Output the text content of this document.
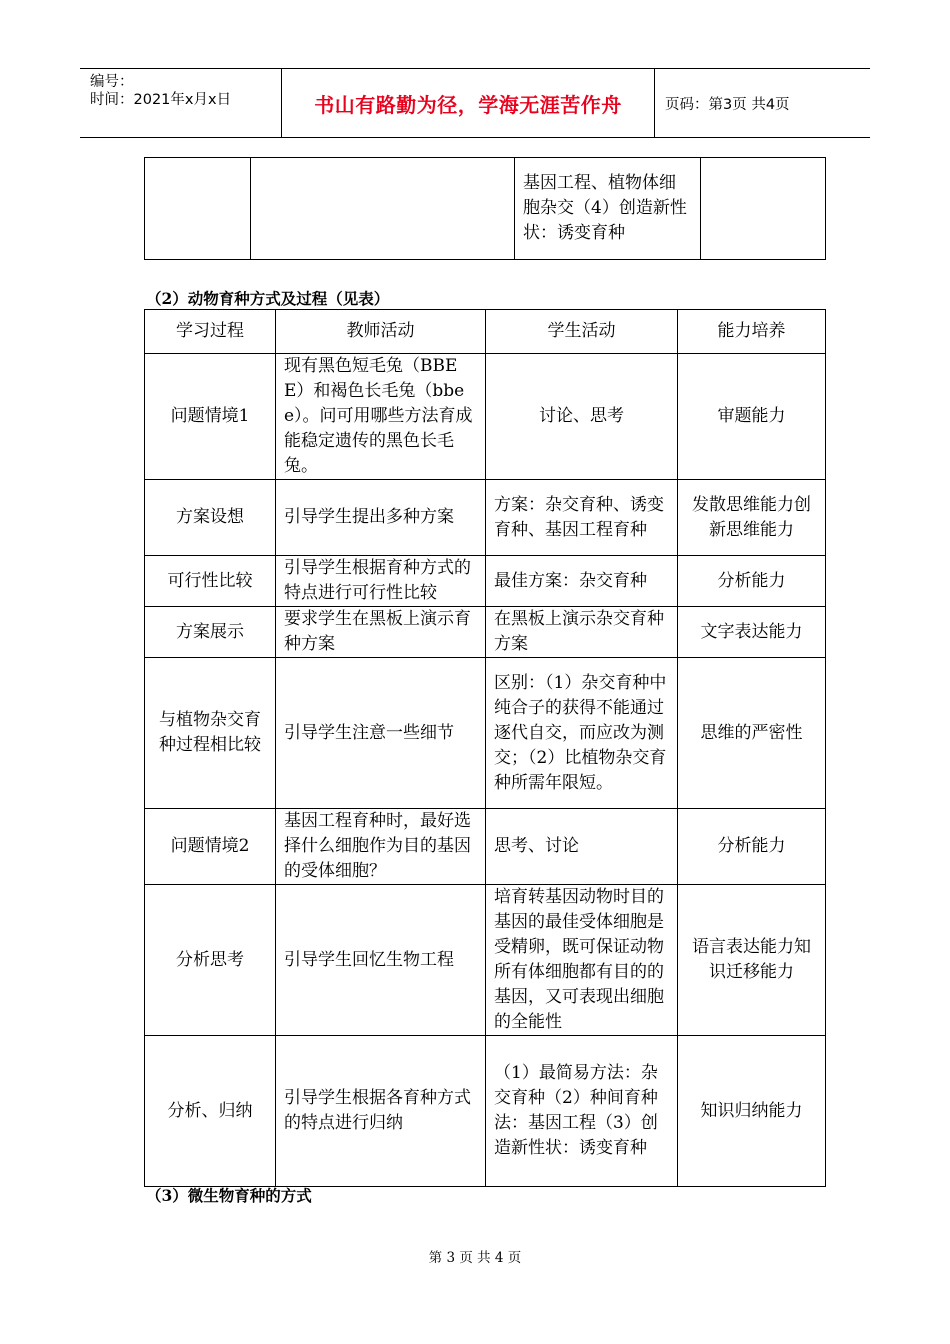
编号：
时间：2021年x月x日	书山有路勤为径，学海无涯苦作舟	页码：第3页 共4页
		基因工程、植物体细胞杂交（4）创造新性状：诱变育种	
（2）动物育种方式及过程（见表）
学习过程	教师活动	学生活动	能力培养
问题情境1	现有黑色短毛兔（BBEE）和褐色长毛兔（bbee）。问可用哪些方法育成能稳定遗传的黑色长毛兔。	讨论、思考	审题能力
方案设想	引导学生提出多种方案	方案：杂交育种、诱变育种、基因工程育种	发散思维能力创新思维能力
可行性比较	引导学生根据育种方式的特点进行可行性比较	最佳方案：杂交育种	分析能力
方案展示	要求学生在黑板上演示育种方案	在黑板上演示杂交育种方案	文字表达能力
与植物杂交育种过程相比较	引导学生注意一些细节	区别：（1）杂交育种中纯合子的获得不能通过逐代自交，而应改为测交；（2）比植物杂交育种所需年限短。	思维的严密性
问题情境2	基因工程育种时，最好选择什么细胞作为目的基因的受体细胞？	思考、讨论	分析能力
分析思考	引导学生回忆生物工程	培育转基因动物时目的基因的最佳受体细胞是受精卵，既可保证动物所有体细胞都有目的的基因，又可表现出细胞的全能性	语言表达能力知识迁移能力
分析、归纳	引导学生根据各育种方式的特点进行归纳	（1）最简易方法：杂交育种（2）种间育种法：基因工程（3）创造新性状：诱变育种	知识归纳能力
（3）微生物育种的方式
第 3 页 共 4 页
